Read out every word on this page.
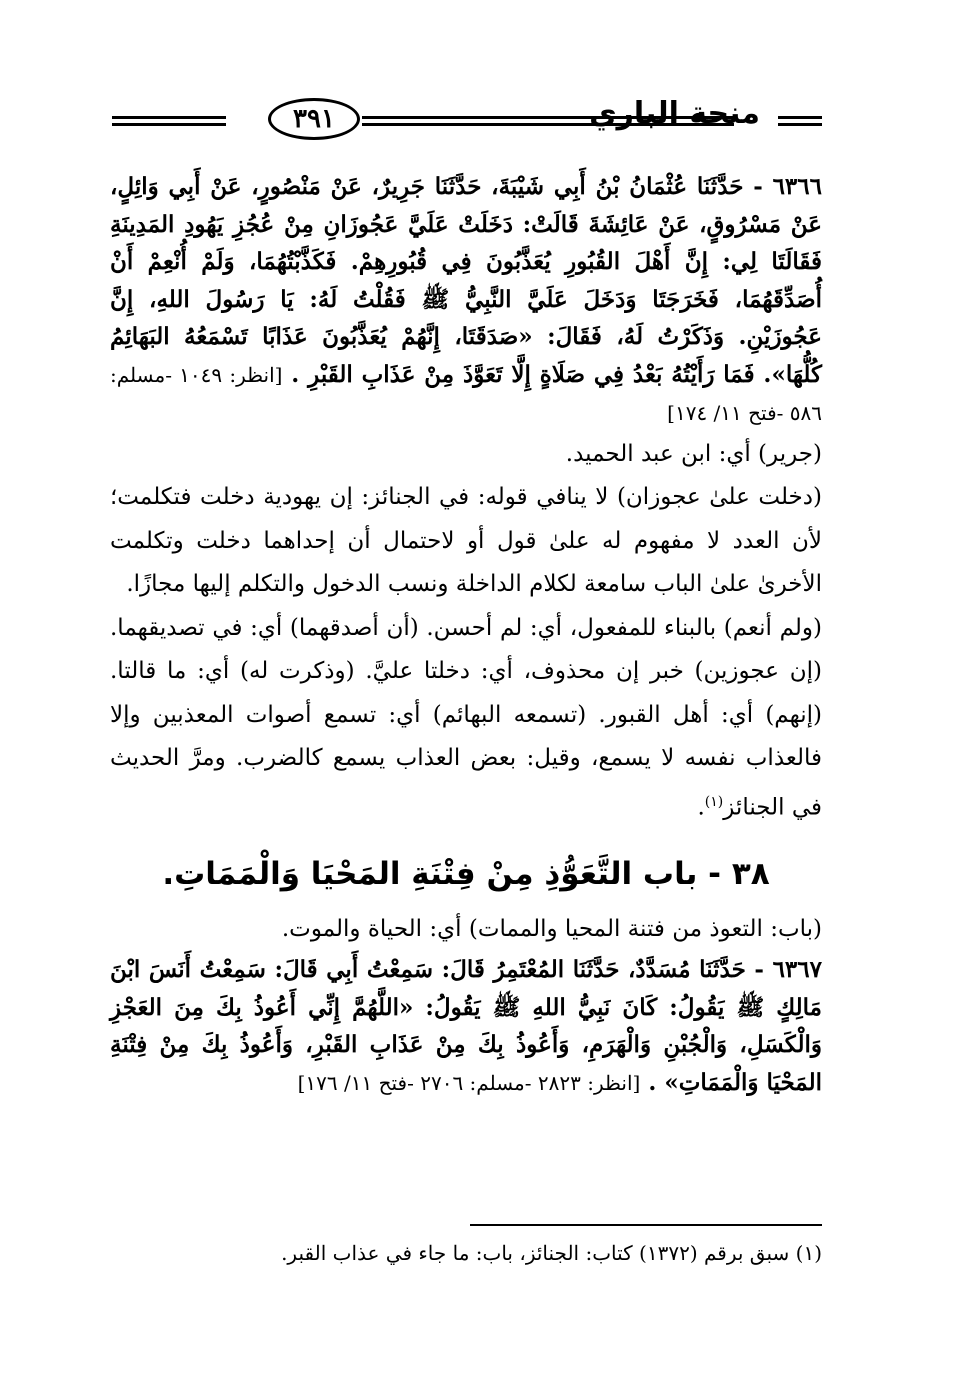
٣٩١	منحة الباري

٦٣٦٦ - حَدَّثَنَا عُثْمَانُ بْنُ أَبِي شَيْبَةَ، حَدَّثَنَا جَرِيرٌ، عَنْ مَنْصُورٍ، عَنْ أَبِي وَائِلٍ، عَنْ مَسْرُوقٍ، عَنْ عَائِشَةَ قَالَتْ: دَخَلَتْ عَلَيَّ عَجُوزَانِ مِنْ عُجُزِ يَهُودِ المَدِينَةِ فَقَالَتَا لِي: إِنَّ أَهْلَ القُبُورِ يُعَذَّبُونَ فِي قُبُورِهِمْ. فَكَذَّبْتُهُمَا، وَلَمْ أُنْعِمْ أَنْ أُصَدِّقَهُمَا، فَخَرَجَتَا وَدَخَلَ عَلَيَّ النَّبِيُّ ﷺ فَقُلْتُ لَهُ: يَا رَسُولَ اللهِ، إِنَّ عَجُوزَيْنِ. وَذَكَرْتُ لَهُ، فَقَالَ: «صَدَقَتَا، إِنَّهُمْ يُعَذَّبُونَ عَذَابًا تَسْمَعُهُ البَهَائِمُ كُلُّهَا». فَمَا رَأَيْتُهُ بَعْدُ فِي صَلَاةٍ إِلَّا تَعَوَّذَ مِنْ عَذَابِ القَبْرِ . [انظر: ١٠٤٩ -مسلم: ٥٨٦ -فتح ١١/ ١٧٤]

(جرير) أي: ابن عبد الحميد.

(دخلت علىٰ عجوزان) لا ينافي قوله: في الجنائز: إن يهودية دخلت فتكلمت؛ لأن العدد لا مفهوم له علىٰ قول أو لاحتمال أن إحداهما دخلت وتكلمت الأخرىٰ علىٰ الباب سامعة لكلام الداخلة ونسب الدخول والتكلم إليها مجازًا.

(ولم أنعم) بالبناء للمفعول، أي: لم أحسن. (أن أصدقهما) أي: في تصديقهما. (إن عجوزين) خبر إن محذوف، أي: دخلتا عليَّ. (وذكرت له) أي: ما قالتا. (إنهم) أي: أهل القبور. (تسمعه البهائم) أي: تسمع أصوات المعذبين وإلا فالعذاب نفسه لا يسمع، وقيل: بعض العذاب يسمع كالضرب. ومرَّ الحديث في الجنائز$^{(١)}$.

٣٨ - باب التَّعَوُّذِ مِنْ فِتْنَةِ المَحْيَا وَالْمَمَاتِ.

(باب: التعوذ من فتنة المحيا والممات) أي: الحياة والموت.

٦٣٦٧ - حَدَّثَنَا مُسَدَّدٌ، حَدَّثَنَا المُعْتَمِرُ قَالَ: سَمِعْتُ أَبِي قَالَ: سَمِعْتُ أَنَسَ ابْنَ مَالِكٍ ﷺ يَقُولُ: كَانَ نَبِيُّ اللهِ ﷺ يَقُولُ: «اللَّهُمَّ إِنِّي أَعُوذُ بِكَ مِنَ العَجْزِ وَالْكَسَلِ، وَالْجُبْنِ وَالْهَرَمِ، وَأَعُوذُ بِكَ مِنْ عَذَابِ القَبْرِ، وَأَعُوذُ بِكَ مِنْ فِتْنَةِ المَحْيَا وَالْمَمَاتِ» . [انظر: ٢٨٢٣ -مسلم: ٢٧٠٦ -فتح ١١/ ١٧٦]

(١) سبق برقم (١٣٧٢) كتاب: الجنائز، باب: ما جاء في عذاب القبر.
